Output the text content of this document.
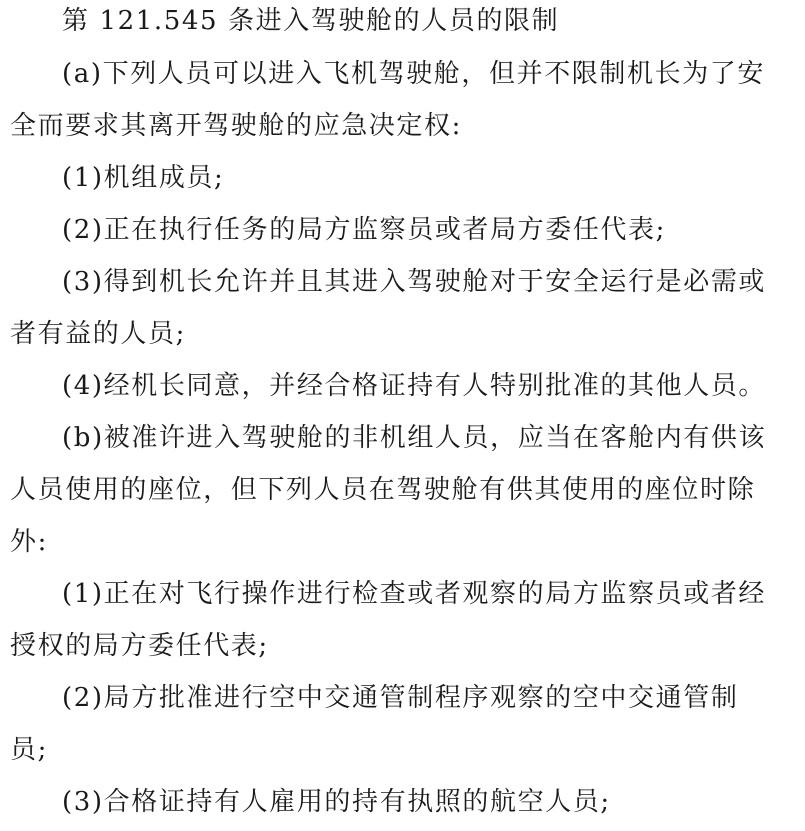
第 121.545 条进入驾驶舱的人员的限制
(a)下列人员可以进入飞机驾驶舱，但并不限制机长为了安
全而要求其离开驾驶舱的应急决定权:
(1)机组成员;
(2)正在执行任务的局方监察员或者局方委任代表;
(3)得到机长允许并且其进入驾驶舱对于安全运行是必需或
者有益的人员;
(4)经机长同意，并经合格证持有人特别批准的其他人员。
(b)被准许进入驾驶舱的非机组人员，应当在客舱内有供该
人员使用的座位，但下列人员在驾驶舱有供其使用的座位时除
外:
(1)正在对飞行操作进行检查或者观察的局方监察员或者经
授权的局方委任代表;
(2)局方批准进行空中交通管制程序观察的空中交通管制
员;
(3)合格证持有人雇用的持有执照的航空人员;
